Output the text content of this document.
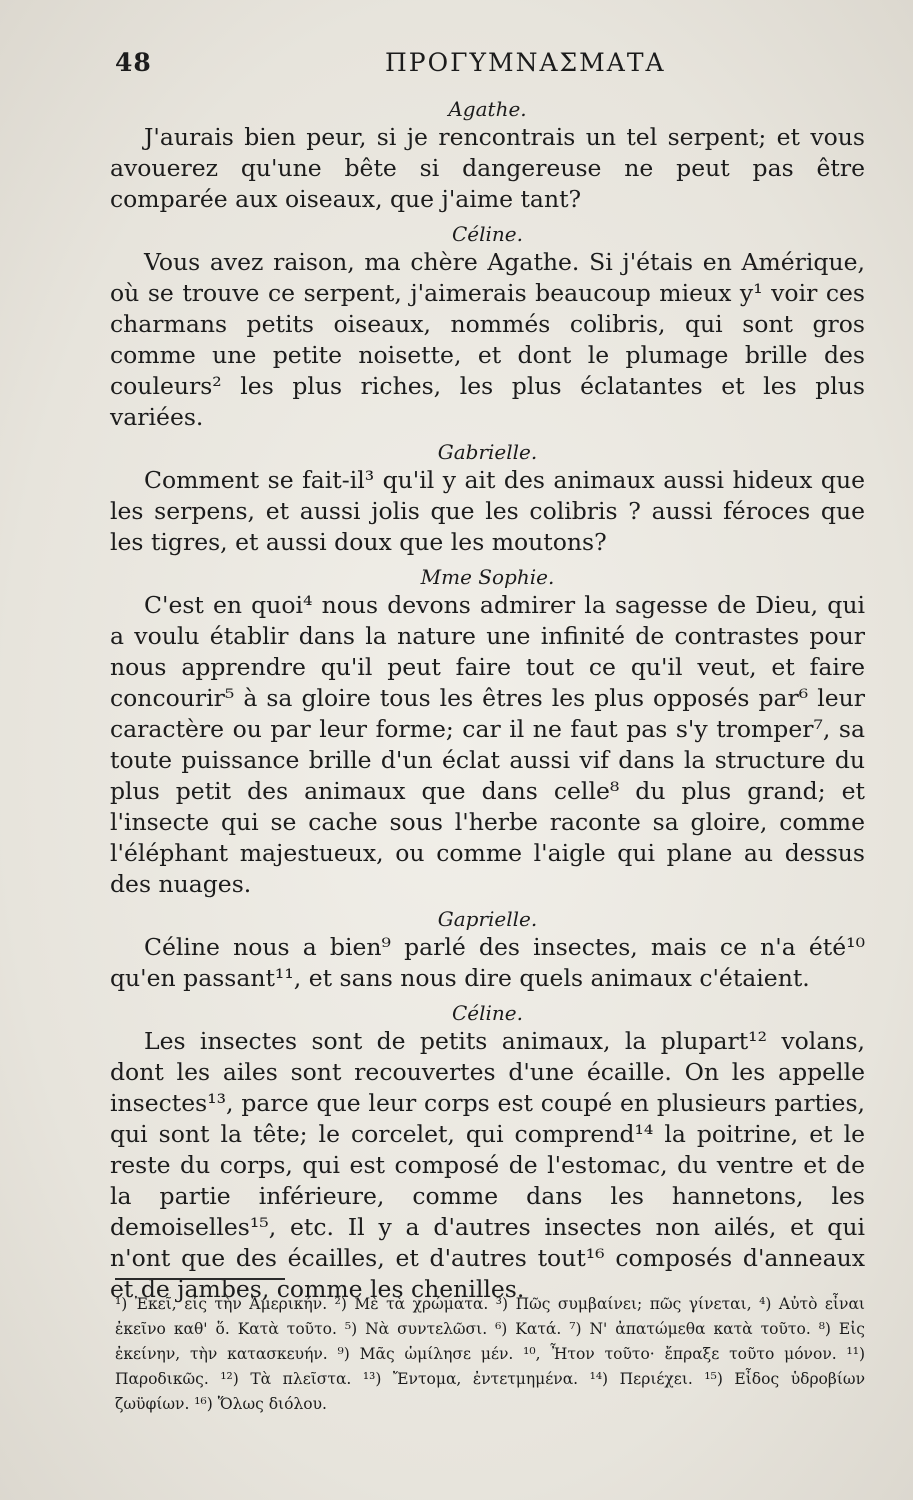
48	ΠΡΟΓΥΜΝΑΣΜΑΤΑ

Agathe.

J'aurais bien peur, si je rencontrais un tel serpent; et vous avouerez qu'une bête si dangereuse ne peut pas être comparée aux oiseaux, que j'aime tant?

Céline.

Vous avez raison, ma chère Agathe. Si j'étais en Amérique, où se trouve ce serpent, j'aimerais beaucoup mieux y¹ voir ces charmans petits oiseaux, nommés colibris, qui sont gros comme une petite noisette, et dont le plumage brille des couleurs² les plus riches, les plus éclatantes et les plus variées.

Gabrielle.

Comment se fait-il³ qu'il y ait des animaux aussi hideux que les serpens, et aussi jolis que les colibris ? aussi féroces que les tigres, et aussi doux que les moutons?

Mme Sophie.

C'est en quoi⁴ nous devons admirer la sagesse de Dieu, qui a voulu établir dans la nature une infinité de contrastes pour nous apprendre qu'il peut faire tout ce qu'il veut, et faire concourir⁵ à sa gloire tous les êtres les plus opposés par⁶ leur caractère ou par leur forme; car il ne faut pas s'y tromper⁷, sa toute puissance brille d'un éclat aussi vif dans la structure du plus petit des animaux que dans celle⁸ du plus grand; et l'insecte qui se cache sous l'herbe raconte sa gloire, comme l'éléphant majestueux, ou comme l'aigle qui plane au dessus des nuages.

Gaprielle.

Céline nous a bien⁹ parlé des insectes, mais ce n'a été¹⁰ qu'en passant¹¹, et sans nous dire quels animaux c'étaient.

Céline.

Les insectes sont de petits animaux, la plupart¹² volans, dont les ailes sont recouvertes d'une écaille. On les appelle insectes¹³, parce que leur corps est coupé en plusieurs parties, qui sont la tête; le corcelet, qui comprend¹⁴ la poitrine, et le reste du corps, qui est composé de l'estomac, du ventre et de la partie inférieure, comme dans les hannetons, les demoiselles¹⁵, etc. Il y a d'autres insectes non ailés, et qui n'ont que des écailles, et d'autres tout¹⁶ composés d'anneaux et de jambes, comme les chenilles.

¹) Ἐκεῖ, εἰς τὴν Ἀμερικήν. ²) Μὲ τὰ χρώματα. ³) Πῶς συμβαίνει; πῶς γίνεται, ⁴) Αὐτὸ εἶναι ἐκεῖνο καθ' ὅ. Κατὰ τοῦτο. ⁵) Νὰ συντελῶσι. ⁶) Κατά. ⁷) Ν' ἀπατώμεθα κατὰ τοῦτο. ⁸) Εἰς ἐκείνην, τὴν κατασκευήν. ⁹) Μᾶς ὡμίλησε μέν. ¹⁰, Ἦτον τοῦτο· ἔπραξε τοῦτο μόνον. ¹¹) Παροδικῶς. ¹²) Τὰ πλεῖστα. ¹³) Ἔντομα, ἐντετμημένα. ¹⁴) Περιέχει. ¹⁵) Εἶδος ὑδροβίων ζωϋφίων. ¹⁶) Ὅλως διόλου.
